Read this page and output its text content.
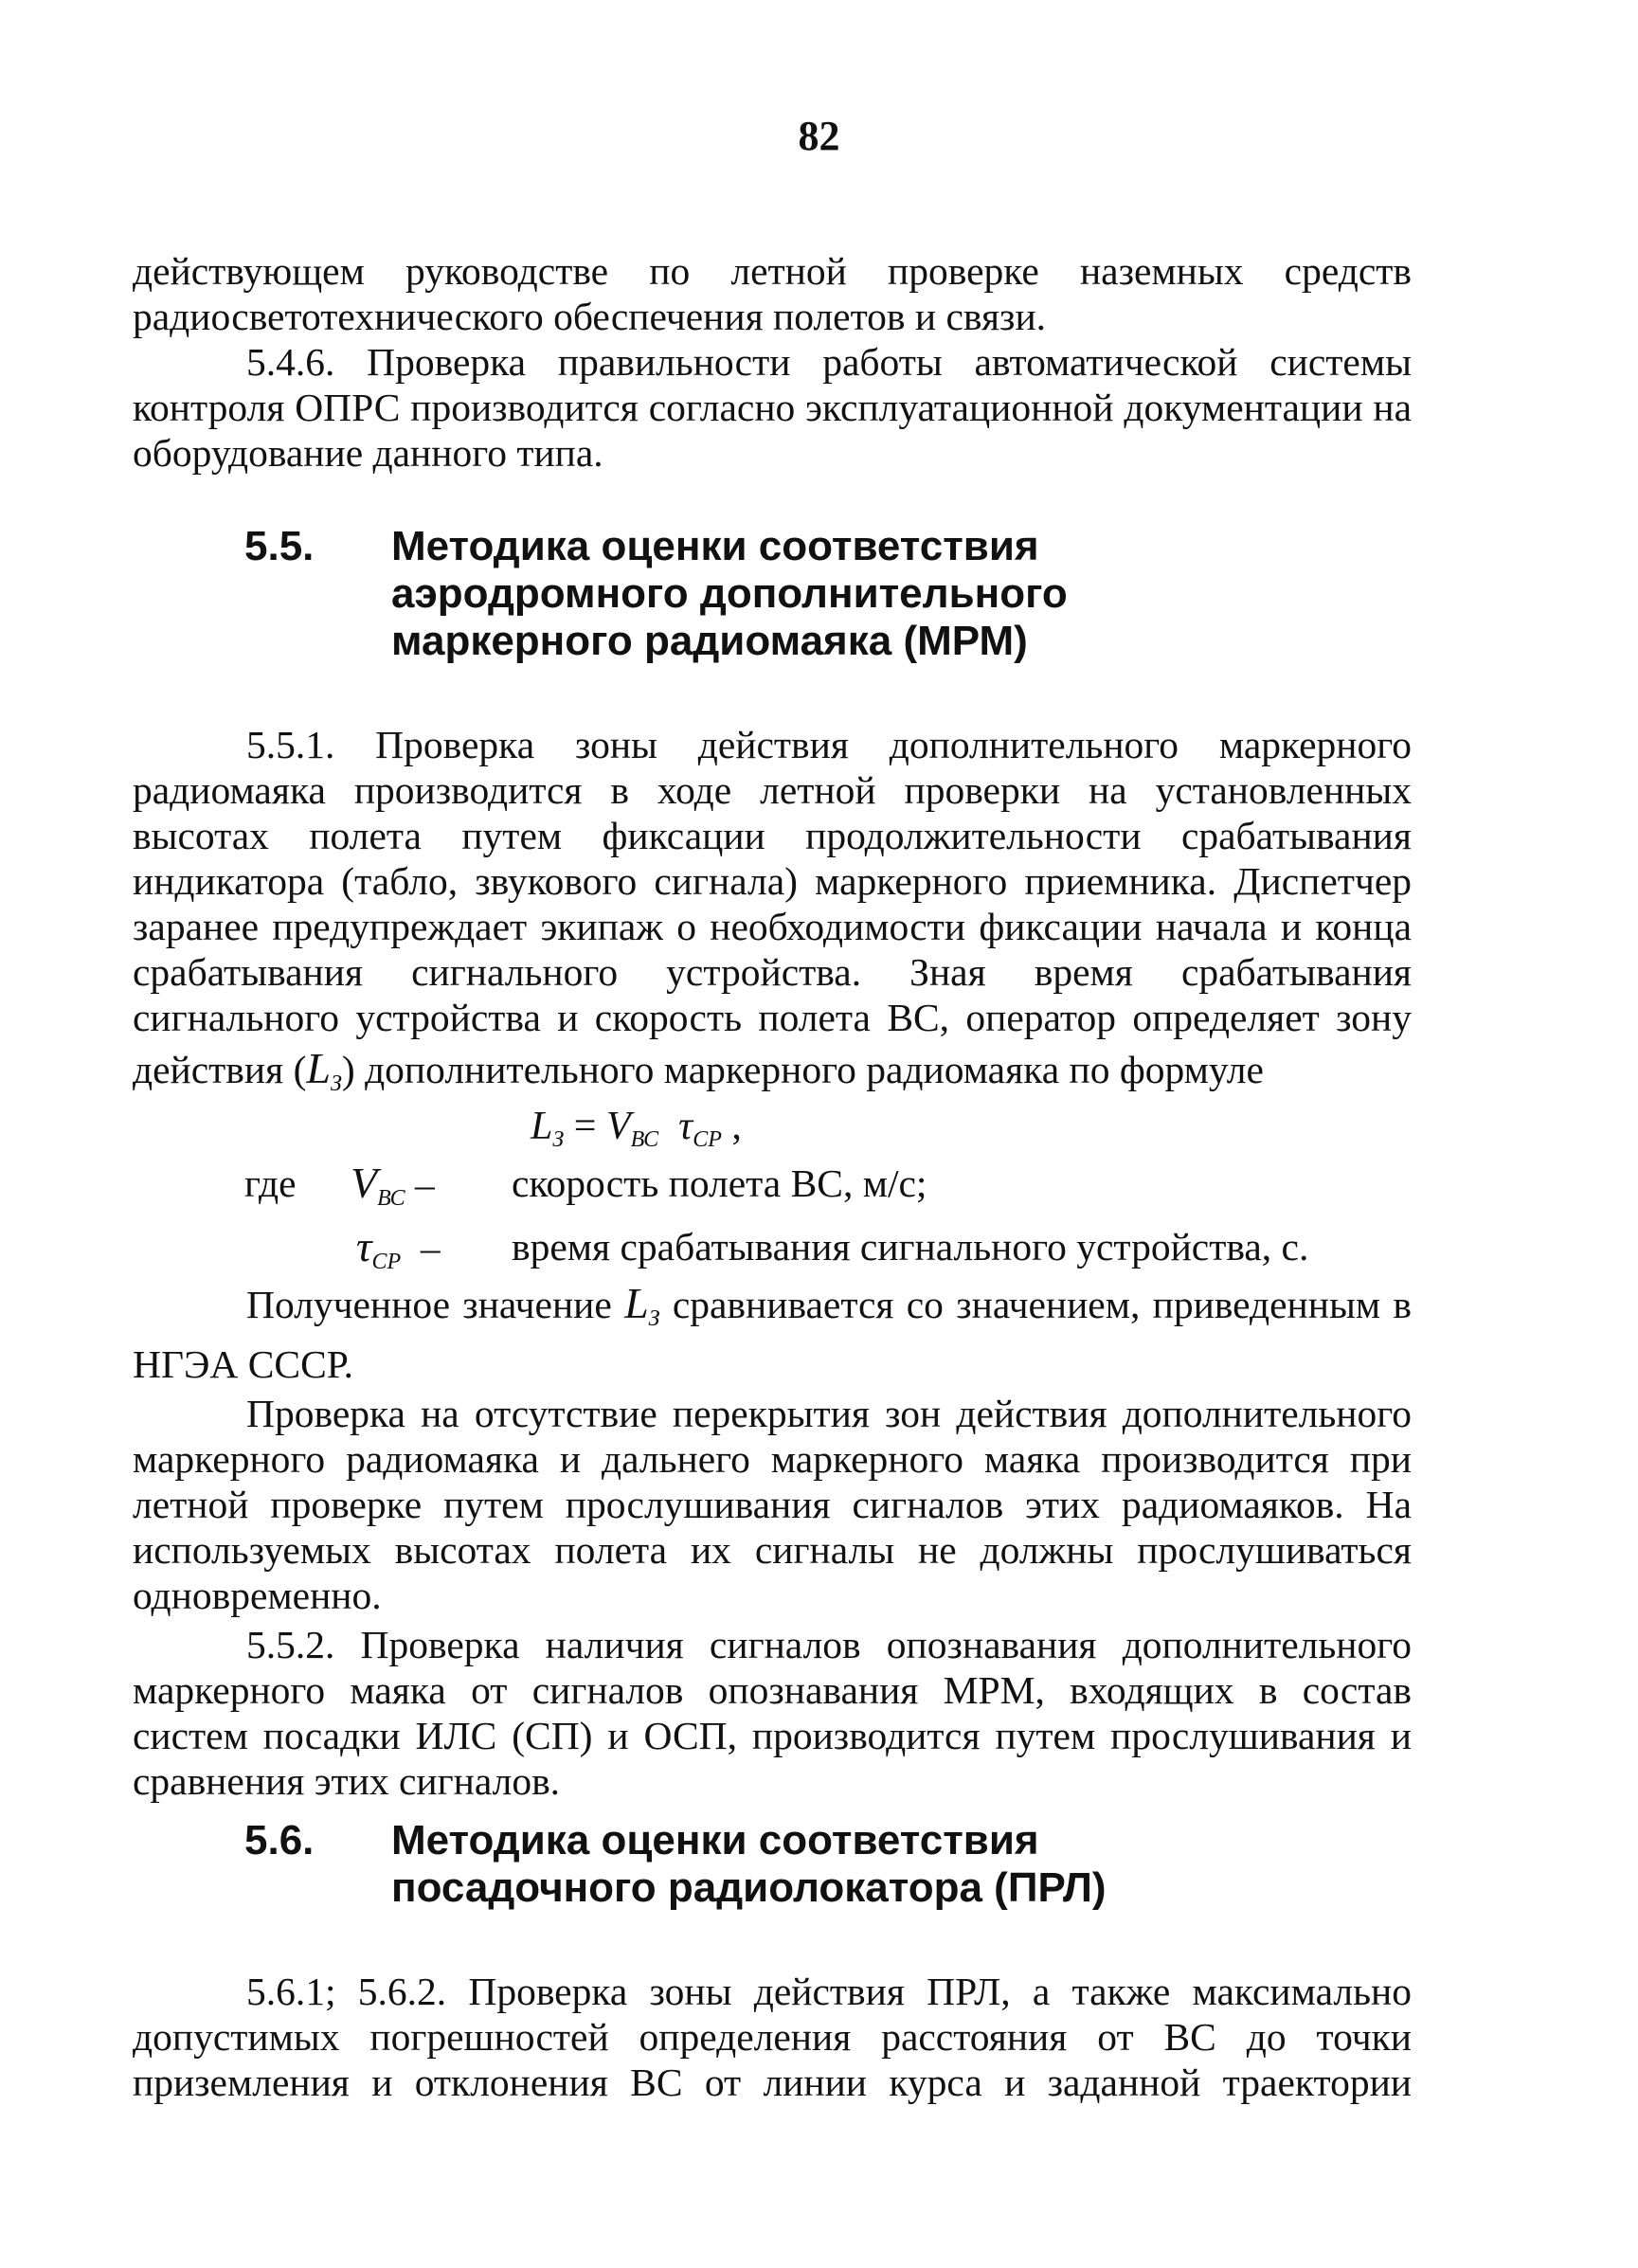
82

действующем руководстве по летной проверке наземных средств радиосветотехнического обеспечения полетов и связи.

5.4.6. Проверка правильности работы автоматической системы контроля ОПРС производится согласно эксплуатационной документации на оборудование данного типа.

5.5. Методика оценки соответствия
аэродромного дополнительного
маркерного радиомаяка (МРМ)

5.5.1. Проверка зоны действия дополнительного маркерного радиомаяка производится в ходе летной проверки на установленных высотах полета путем фиксации продолжительности срабатывания индикатора (табло, звукового сигнала) маркерного приемника. Диспетчер заранее предупреждает экипаж о необходимости фиксации начала и конца срабатывания сигнального устройства. Зная время срабатывания сигнального устройства и скорость полета ВС, оператор определяет зону

действия $(L_З)$ дополнительного маркерного радиомаяка по формуле

$L_З = V_{ВС}$ $\tau_{СР}$ ,
где $V_{ВС}$ – скорость полета ВС, м/с;
$\tau_{СР}$ – время срабатывания сигнального устройства, с.

Полученное значение $L_З$ сравнивается со значением, приведенным в НГЭА СССР.

Проверка на отсутствие перекрытия зон действия дополнительного маркерного радиомаяка и дальнего маркерного маяка производится при летной проверке путем прослушивания сигналов этих радиомаяков. На используемых высотах полета их сигналы не должны прослушиваться одновременно.

5.5.2. Проверка наличия сигналов опознавания дополнительного маркерного маяка от сигналов опознавания МРМ, входящих в состав систем посадки ИЛС (СП) и ОСП, производится путем прослушивания и сравнения этих сигналов.

5.6. Методика оценки соответствия
посадочного радиолокатора (ПРЛ)

5.6.1; 5.6.2. Проверка зоны действия ПРЛ, а также максимально допустимых погрешностей определения расстояния от ВС до точки приземления и отклонения ВС от линии курса и заданной траектории
